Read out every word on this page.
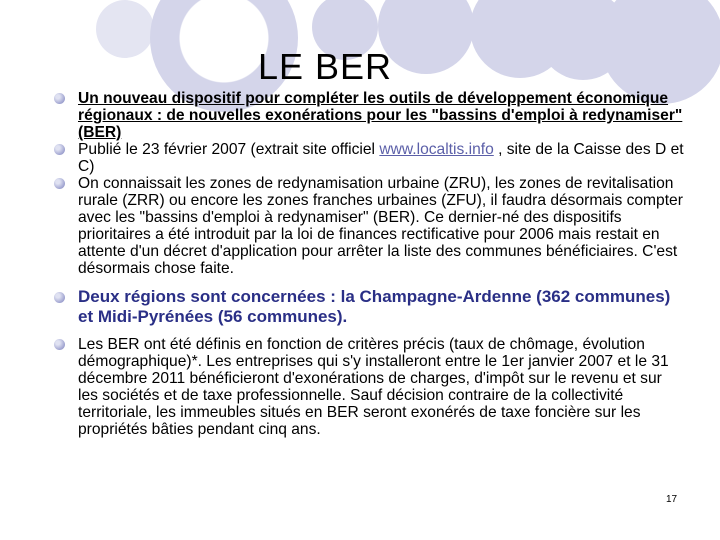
LE BER
Un nouveau dispositif pour compléter les outils de développement économique régionaux : de nouvelles exonérations pour les "bassins d'emploi à redynamiser" (BER)
Publié le 23 février 2007 (extrait site officiel www.localtis.info , site de la Caisse des D et C)
On connaissait les zones de redynamisation urbaine (ZRU), les zones de revitalisation rurale (ZRR) ou encore les zones franches urbaines (ZFU), il faudra désormais compter avec les "bassins d'emploi à redynamiser" (BER). Ce dernier-né des dispositifs prioritaires a été introduit par la loi de finances rectificative pour 2006 mais restait en attente d'un décret d'application pour arrêter la liste des communes bénéficiaires. C'est désormais chose faite.
Deux régions sont concernées : la Champagne-Ardenne (362 communes) et Midi-Pyrénées (56 communes).
Les BER ont été définis en fonction de critères précis (taux de chômage, évolution démographique)*. Les entreprises qui s'y installeront entre le 1er janvier 2007 et le 31 décembre 2011 bénéficieront d'exonérations de charges, d'impôt sur le revenu et sur les sociétés et de taxe professionnelle. Sauf décision contraire de la collectivité territoriale, les immeubles situés en BER seront exonérés de taxe foncière sur les propriétés bâties pendant cinq ans.
17
